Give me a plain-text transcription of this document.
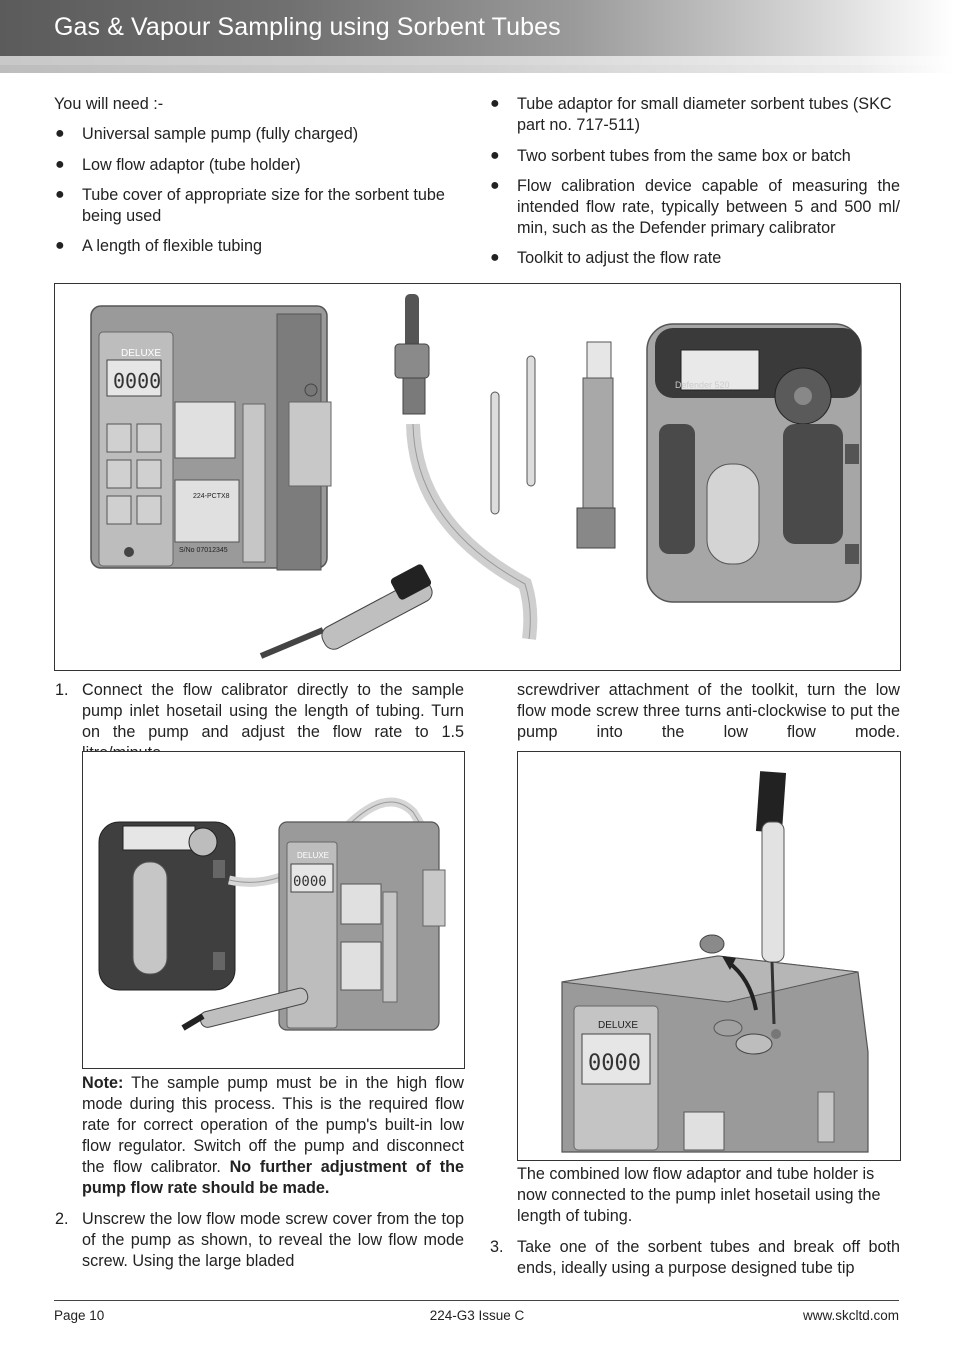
Gas & Vapour Sampling using Sorbent Tubes
You will need :-
● Universal sample pump (fully charged)
● Low flow adaptor (tube holder)
● Tube cover of appropriate size for the sorbent tube being used
● A length of flexible tubing
● Tube adaptor for small diameter sorbent tubes (SKC part no. 717-511)
● Two sorbent tubes from the same box or batch
● Flow calibration device capable of measuring the intended flow rate, typically between 5 and 500 ml/ min, such as the Defender primary calibrator
● Toolkit to adjust the flow rate
DELUXE
0000
224-PCTX8
S/No 07012345
Defender 520
1. Connect the flow calibrator directly to the sample pump inlet hosetail using the length of tubing. Turn on the pump and adjust the flow rate to 1.5
DELUXE
0000
Note: The sample pump must be in the high flow mode during this process. This is the required flow rate for correct operation of the pump's built-in low flow regulator. Switch off the pump and disconnect the flow calibrator. No further adjustment of the pump flow rate should be made.
2. Unscrew the low flow mode screw cover from the top of the pump as shown, to reveal the low flow mode screw. Using the large bladed
screwdriver attachment of the toolkit, turn the low flow mode screw three turns anti-clockwise to put the pump into the low flow mode.
DELUXE
0000
The combined low flow adaptor and tube holder is now connected to the pump inlet hosetail using the length of tubing.
3. Take one of the sorbent tubes and break off both ends, ideally using a purpose designed tube tip
Page 10	224-G3 Issue C	www.skcltd.com
